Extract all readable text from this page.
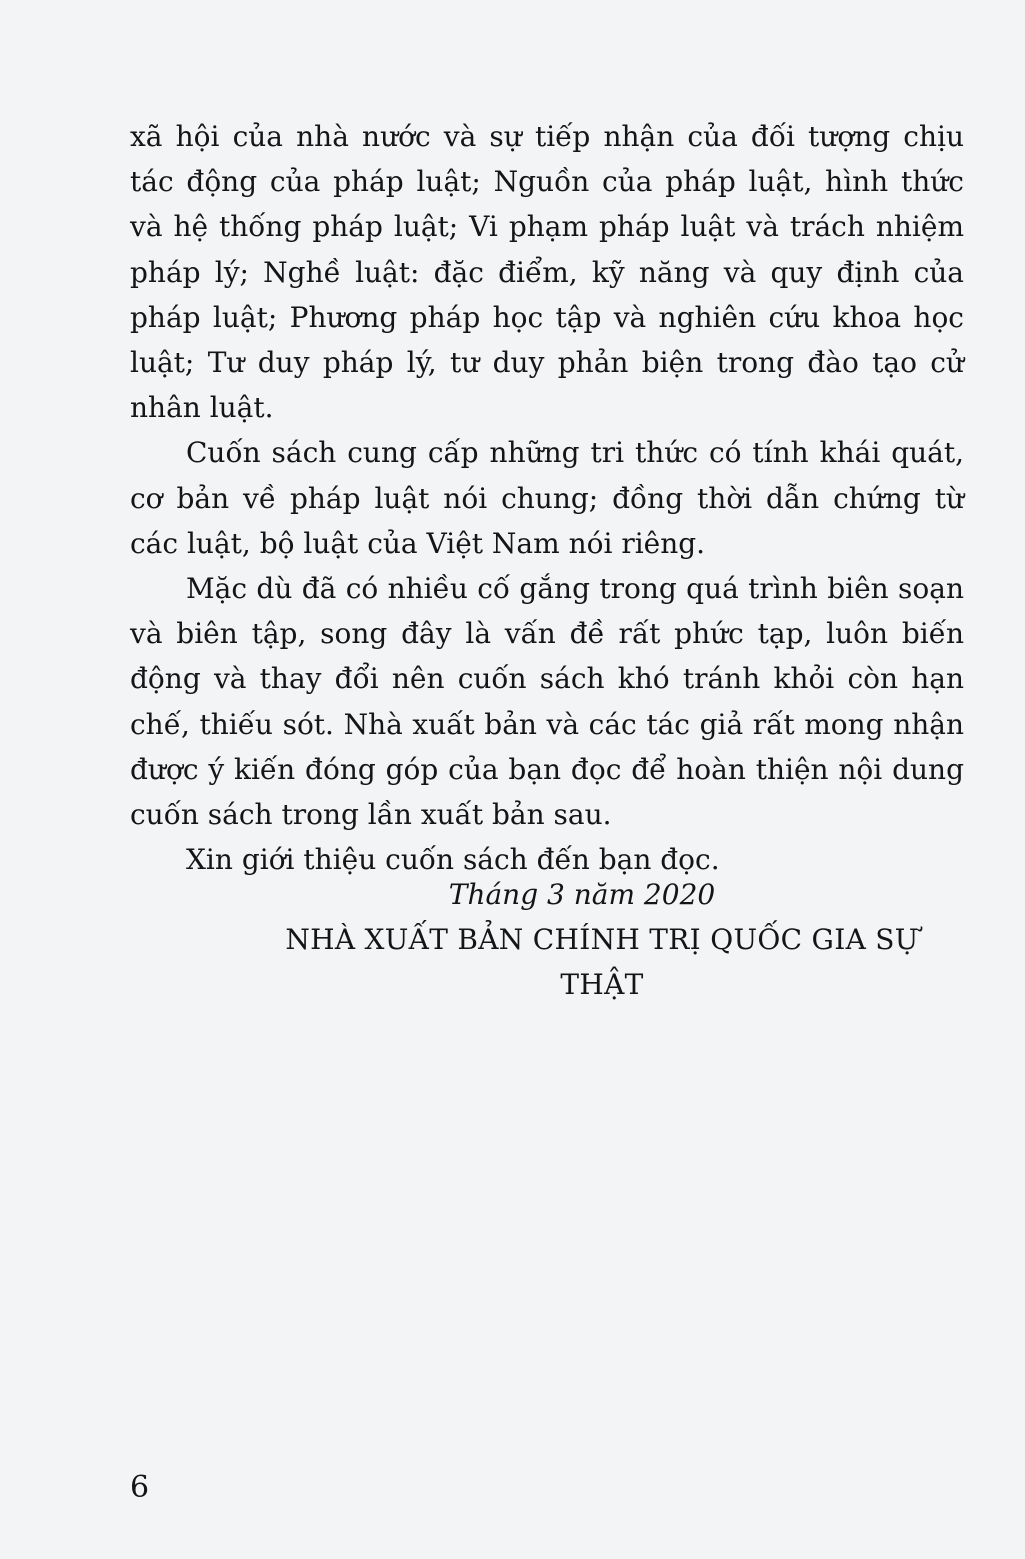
xã hội của nhà nước và sự tiếp nhận của đối tượng chịu tác động của pháp luật; Nguồn của pháp luật, hình thức và hệ thống pháp luật; Vi phạm pháp luật và trách nhiệm pháp lý; Nghề luật: đặc điểm, kỹ năng và quy định của pháp luật; Phương pháp học tập và nghiên cứu khoa học luật; Tư duy pháp lý, tư duy phản biện trong đào tạo cử nhân luật.

Cuốn sách cung cấp những tri thức có tính khái quát, cơ bản về pháp luật nói chung; đồng thời dẫn chứng từ các luật, bộ luật của Việt Nam nói riêng.

Mặc dù đã có nhiều cố gắng trong quá trình biên soạn và biên tập, song đây là vấn đề rất phức tạp, luôn biến động và thay đổi nên cuốn sách khó tránh khỏi còn hạn chế, thiếu sót. Nhà xuất bản và các tác giả rất mong nhận được ý kiến đóng góp của bạn đọc để hoàn thiện nội dung cuốn sách trong lần xuất bản sau.

Xin giới thiệu cuốn sách đến bạn đọc.

Tháng 3 năm 2020
NHÀ XUẤT BẢN CHÍNH TRỊ QUỐC GIA SỰ THẬT
6
